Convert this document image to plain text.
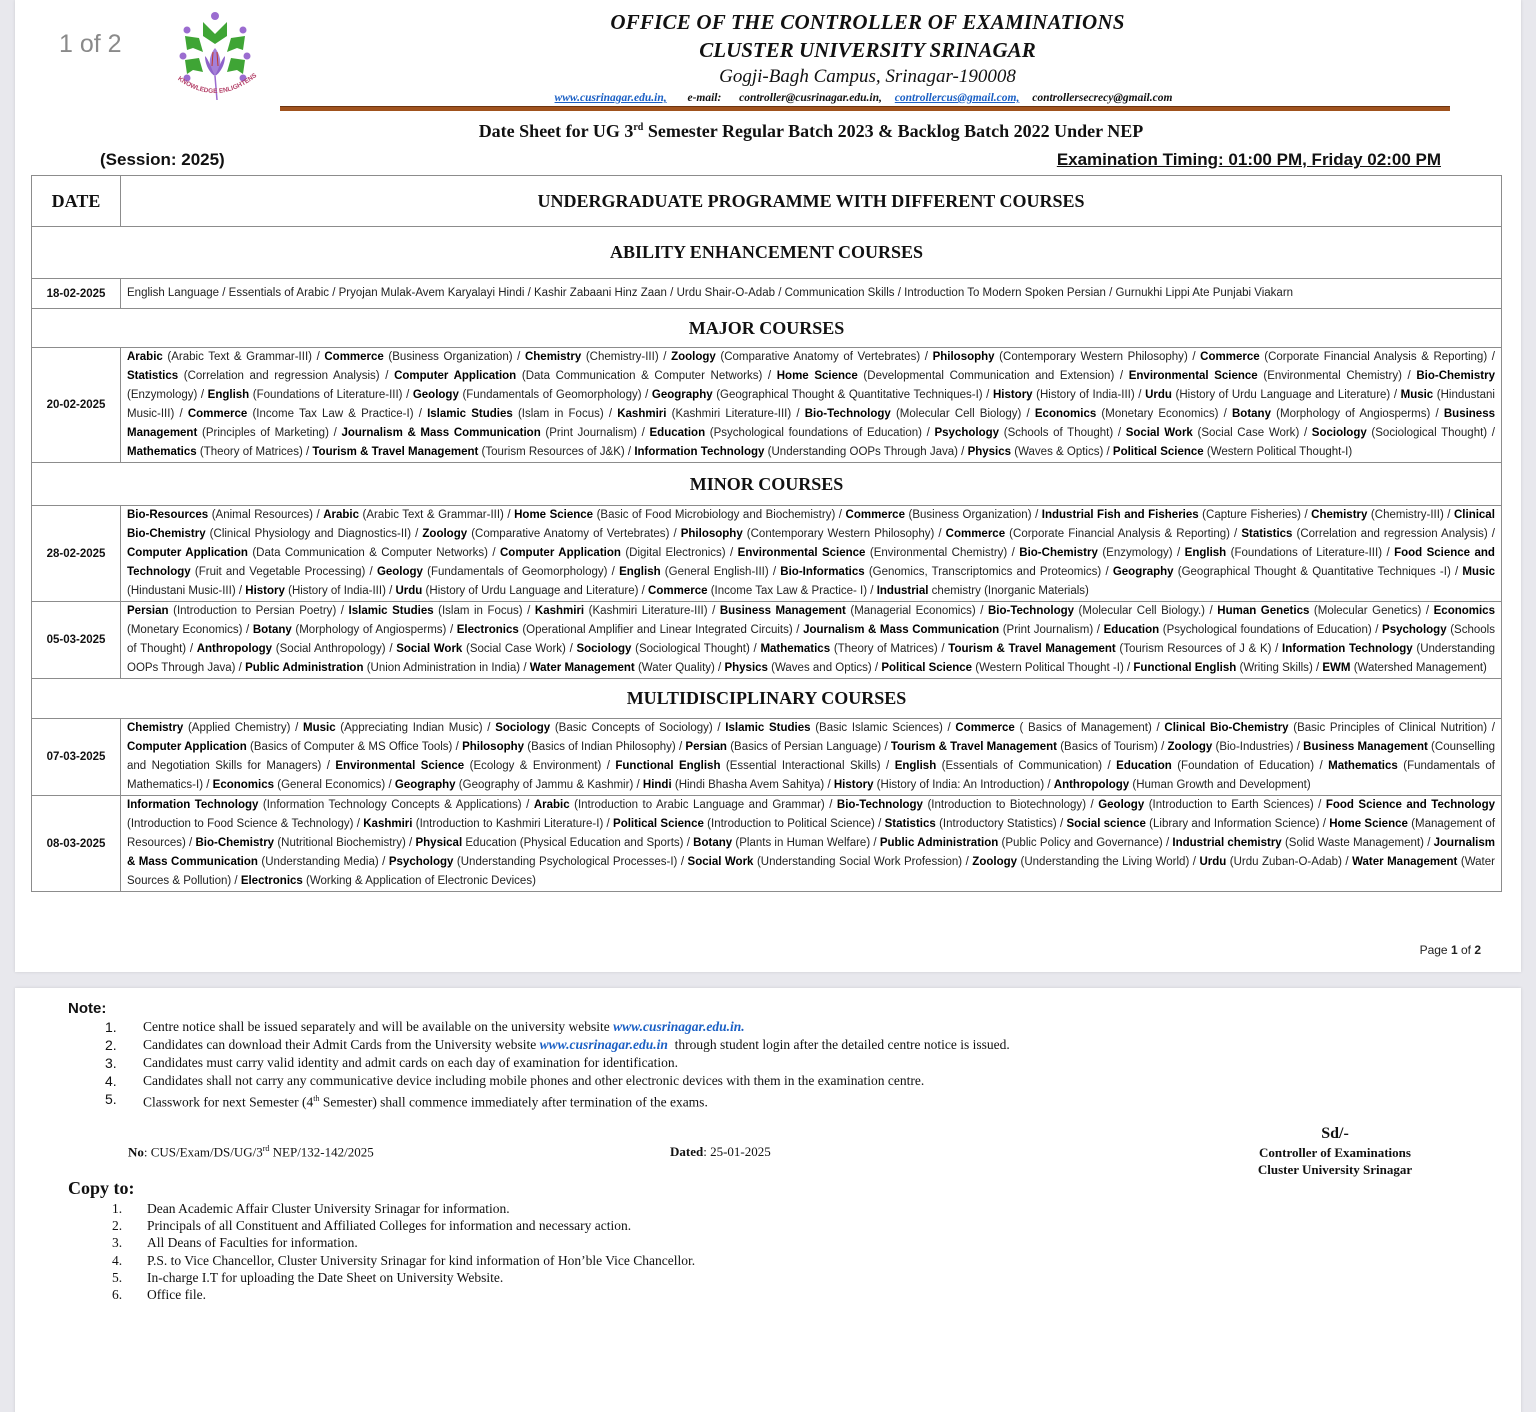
1 of 2
KNOWLEDGE ENLIGHTENS
OFFICE OF THE CONTROLLER OF EXAMINATIONS
CLUSTER UNIVERSITY SRINAGAR
Gogji-Bagh Campus, Srinagar-190008
www.cusrinagar.edu.in, e-mail: controller@cusrinagar.edu.in, controllercus@gmail.com, controllersecrecy@gmail.com
Date Sheet for UG 3rd Semester Regular Batch 2023 & Backlog Batch 2022 Under NEP
(Session: 2025)	Examination Timing: 01:00 PM, Friday 02:00 PM
DATE	UNDERGRADUATE PROGRAMME WITH DIFFERENT COURSES
ABILITY ENHANCEMENT COURSES	
18-02-2025	English Language / Essentials of Arabic / Pryojan Mulak-Avem Karyalayi Hindi / Kashir Zabaani Hinz Zaan / Urdu Shair-O-Adab / Communication Skills / Introduction To Modern Spoken Persian / Gurnukhi Lippi Ate Punjabi Viakarn
MAJOR COURSES	
20-02-2025	Arabic (Arabic Text & Grammar-III) / Commerce (Business Organization) / Chemistry (Chemistry-III) / Zoology (Comparative Anatomy of Vertebrates) / Philosophy (Contemporary Western Philosophy) / Commerce (Corporate Financial Analysis & Reporting) / Statistics (Correlation and regression Analysis) / Computer Application (Data Communication & Computer Networks) / Home Science (Developmental Communication and Extension) / Environmental Science (Environmental Chemistry) / Bio-Chemistry (Enzymology) / English (Foundations of Literature-III) / Geology (Fundamentals of Geomorphology) / Geography (Geographical Thought & Quantitative Techniques-I) / History (History of India-III) / Urdu (History of Urdu Language and Literature) / Music (Hindustani Music-III) / Commerce (Income Tax Law & Practice-I) / Islamic Studies (Islam in Focus) / Kashmiri (Kashmiri Literature-III) / Bio-Technology (Molecular Cell Biology) / Economics (Monetary Economics) / Botany (Morphology of Angiosperms) / Business Management (Principles of Marketing) / Journalism & Mass Communication (Print Journalism) / Education (Psychological foundations of Education) / Psychology (Schools of Thought) / Social Work (Social Case Work) / Sociology (Sociological Thought) / Mathematics (Theory of Matrices) / Tourism & Travel Management (Tourism Resources of J&K) / Information Technology (Understanding OOPs Through Java) / Physics (Waves & Optics) / Political Science (Western Political Thought-I)
MINOR COURSES	
28-02-2025	Bio-Resources (Animal Resources) / Arabic (Arabic Text & Grammar-III) / Home Science (Basic of Food Microbiology and Biochemistry) / Commerce (Business Organization) / Industrial Fish and Fisheries (Capture Fisheries) / Chemistry (Chemistry-III) / Clinical Bio-Chemistry (Clinical Physiology and Diagnostics-II) / Zoology (Comparative Anatomy of Vertebrates) / Philosophy (Contemporary Western Philosophy) / Commerce (Corporate Financial Analysis & Reporting) / Statistics (Correlation and regression Analysis) / Computer Application (Data Communication & Computer Networks) / Computer Application (Digital Electronics) / Environmental Science (Environmental Chemistry) / Bio-Chemistry (Enzymology) / English (Foundations of Literature-III) / Food Science and Technology (Fruit and Vegetable Processing) / Geology (Fundamentals of Geomorphology) / English (General English-III) / Bio-Informatics (Genomics, Transcriptomics and Proteomics) / Geography (Geographical Thought & Quantitative Techniques -I) / Music (Hindustani Music-III) / History (History of India-III) / Urdu (History of Urdu Language and Literature) / Commerce (Income Tax Law & Practice- I) / Industrial chemistry (Inorganic Materials)
05-03-2025	Persian (Introduction to Persian Poetry) / Islamic Studies (Islam in Focus) / Kashmiri (Kashmiri Literature-III) / Business Management (Managerial Economics) / Bio-Technology (Molecular Cell Biology.) / Human Genetics (Molecular Genetics) / Economics (Monetary Economics) / Botany (Morphology of Angiosperms) / Electronics (Operational Amplifier and Linear Integrated Circuits) / Journalism & Mass Communication (Print Journalism) / Education (Psychological foundations of Education) / Psychology (Schools of Thought) / Anthropology (Social Anthropology) / Social Work (Social Case Work) / Sociology (Sociological Thought) / Mathematics (Theory of Matrices) / Tourism & Travel Management (Tourism Resources of J & K) / Information Technology (Understanding OOPs Through Java) / Public Administration (Union Administration in India) / Water Management (Water Quality) / Physics (Waves and Optics) / Political Science (Western Political Thought -I) / Functional English (Writing Skills) / EWM (Watershed Management)
MULTIDISCIPLINARY COURSES	
07-03-2025	Chemistry (Applied Chemistry) / Music (Appreciating Indian Music) / Sociology (Basic Concepts of Sociology) / Islamic Studies (Basic Islamic Sciences) / Commerce ( Basics of Management) / Clinical Bio-Chemistry (Basic Principles of Clinical Nutrition) / Computer Application (Basics of Computer & MS Office Tools) / Philosophy (Basics of Indian Philosophy) / Persian (Basics of Persian Language) / Tourism & Travel Management (Basics of Tourism) / Zoology (Bio-Industries) / Business Management (Counselling and Negotiation Skills for Managers) / Environmental Science (Ecology & Environment) / Functional English (Essential Interactional Skills) / English (Essentials of Communication) / Education (Foundation of Education) / Mathematics (Fundamentals of Mathematics-I) / Economics (General Economics) / Geography (Geography of Jammu & Kashmir) / Hindi (Hindi Bhasha Avem Sahitya) / History (History of India: An Introduction) / Anthropology (Human Growth and Development)
08-03-2025	Information Technology (Information Technology Concepts & Applications) / Arabic (Introduction to Arabic Language and Grammar) / Bio-Technology (Introduction to Biotechnology) / Geology (Introduction to Earth Sciences) / Food Science and Technology (Introduction to Food Science & Technology) / Kashmiri (Introduction to Kashmiri Literature-I) / Political Science (Introduction to Political Science) / Statistics (Introductory Statistics) / Social science (Library and Information Science) / Home Science (Management of Resources) / Bio-Chemistry (Nutritional Biochemistry) / Physical Education (Physical Education and Sports) / Botany (Plants in Human Welfare) / Public Administration (Public Policy and Governance) / Industrial chemistry (Solid Waste Management) / Journalism & Mass Communication (Understanding Media) / Psychology (Understanding Psychological Processes-I) / Social Work (Understanding Social Work Profession) / Zoology (Understanding the Living World) / Urdu (Urdu Zuban-O-Adab) / Water Management (Water Sources & Pollution) / Electronics (Working & Application of Electronic Devices)
Page 1 of 2
Note:
1.	Centre notice shall be issued separately and will be available on the university website www.cusrinagar.edu.in.
2.	Candidates can download their Admit Cards from the University website www.cusrinagar.edu.in  through student login after the detailed centre notice is issued.
3.	Candidates must carry valid identity and admit cards on each day of examination for identification.
4.	Candidates shall not carry any communicative device including mobile phones and other electronic devices with them in the examination centre.
5.	Classwork for next Semester (4th Semester) shall commence immediately after termination of the exams.
No: CUS/Exam/DS/UG/3rd NEP/132-142/2025	Dated: 25-01-2025
Sd/-
Controller of Examinations
Cluster University Srinagar
Copy to:
1.	Dean Academic Affair Cluster University Srinagar for information.
2.	Principals of all Constituent and Affiliated Colleges for information and necessary action.
3.	All Deans of Faculties for information.
4.	P.S. to Vice Chancellor, Cluster University Srinagar for kind information of Hon’ble Vice Chancellor.
5.	In-charge I.T for uploading the Date Sheet on University Website.
6.	Office file.
